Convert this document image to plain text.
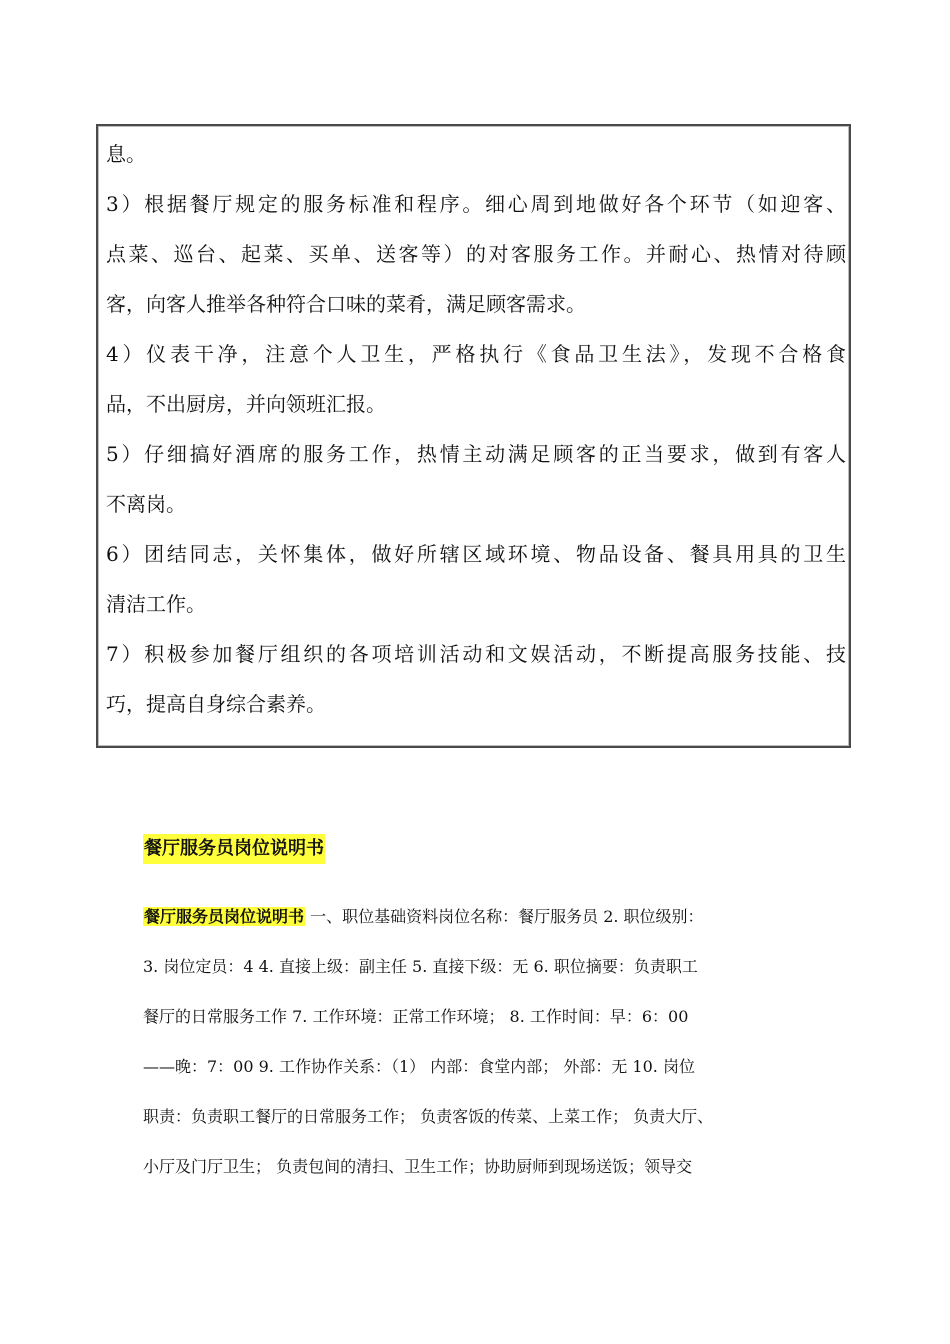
息。
3）根据餐厅规定的服务标准和程序。细心周到地做好各个环节（如迎客、
点菜、巡台、起菜、买单、送客等）的对客服务工作。并耐心、热情对待顾
客，向客人推举各种符合口味的菜肴，满足顾客需求。
4）仪表干净，注意个人卫生，严格执行《食品卫生法》，发现不合格食
品，不出厨房，并向领班汇报。
5）仔细搞好酒席的服务工作，热情主动满足顾客的正当要求，做到有客人
不离岗。
6）团结同志，关怀集体，做好所辖区域环境、物品设备、餐具用具的卫生
清洁工作。
7）积极参加餐厅组织的各项培训活动和文娱活动，不断提高服务技能、技
巧，提高自身综合素养。
餐厅服务员岗位说明书
餐厅服务员岗位说明书 一、职位基础资料岗位名称：餐厅服务员 2. 职位级别：
3. 岗位定员：4 4. 直接上级：副主任 5. 直接下级：无 6. 职位摘要：负责职工
餐厅的日常服务工作 7. 工作环境：正常工作环境； 8. 工作时间：早：6：00
——晚：7：00 9. 工作协作关系：（1） 内部：食堂内部； 外部：无 10. 岗位
职责：负责职工餐厅的日常服务工作； 负责客饭的传菜、上菜工作； 负责大厅、
小厅及门厅卫生； 负责包间的清扫、卫生工作；协助厨师到现场送饭；领导交
